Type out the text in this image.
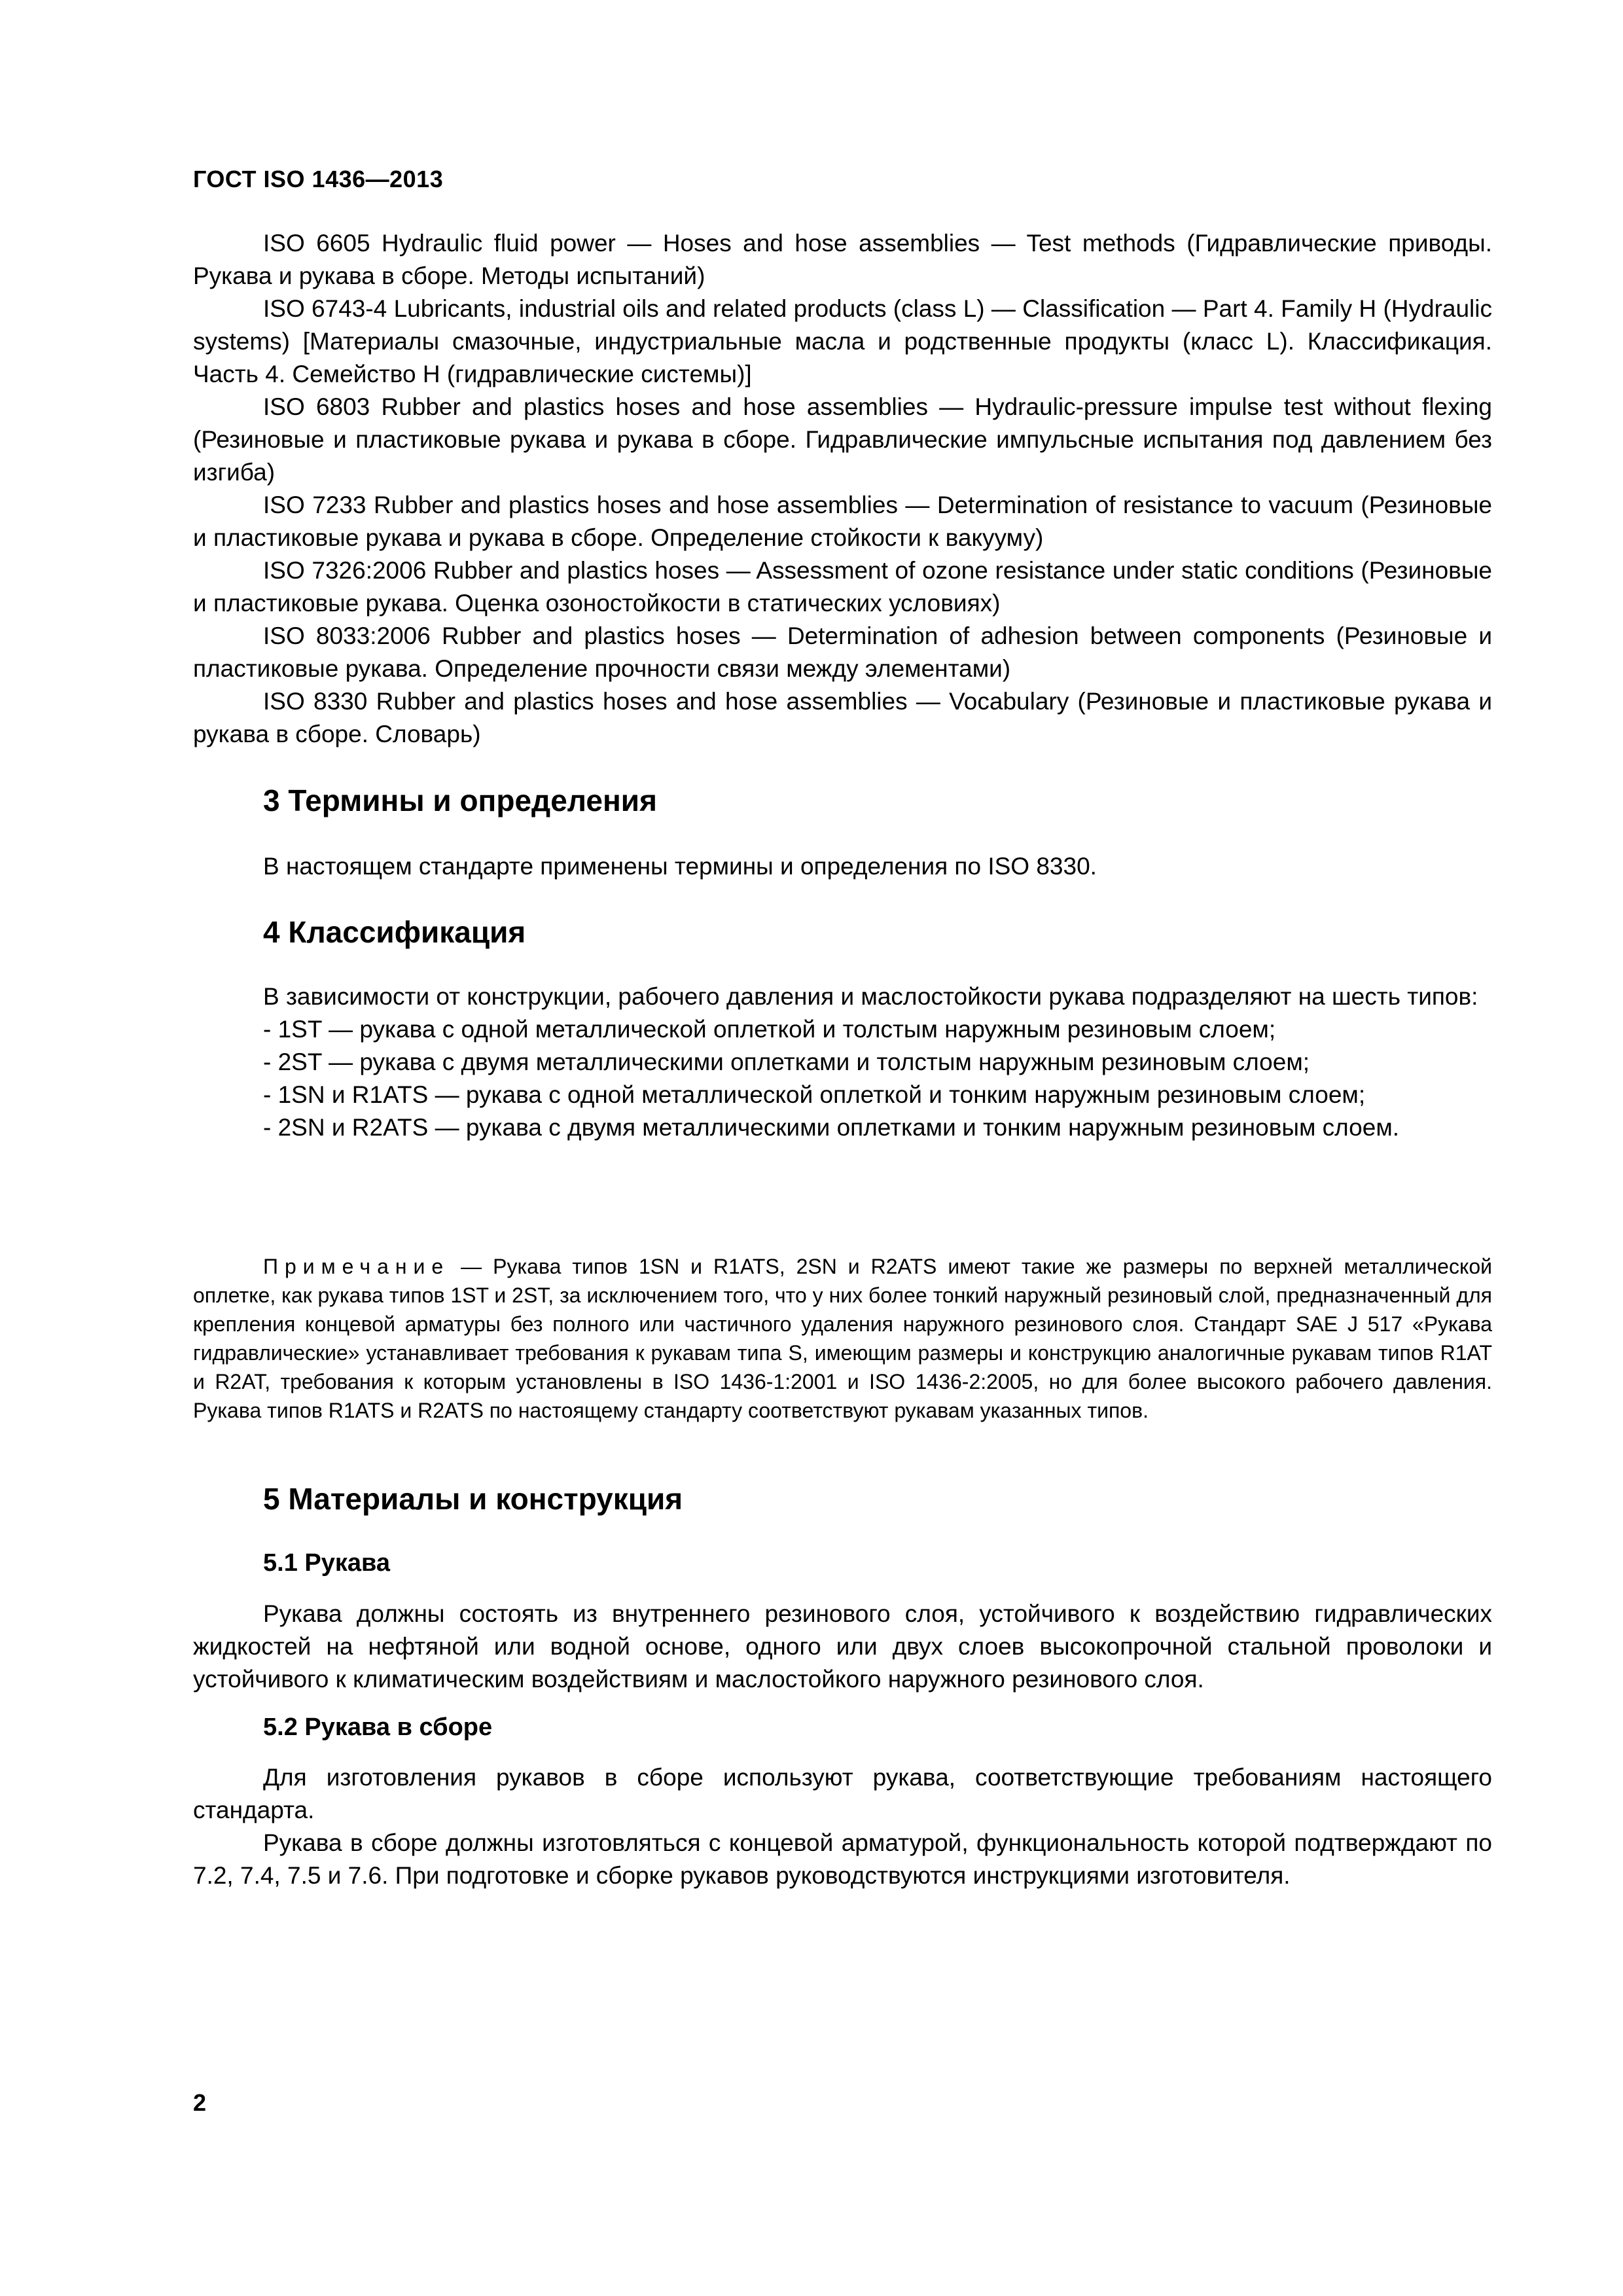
ГОСТ ISO 1436—2013

ISO 6605 Hydraulic fluid power — Hoses and hose assemblies — Test methods (Гидравлические приводы. Рукава и рукава в сборе. Методы испытаний)

ISO 6743-4 Lubricants, industrial oils and related products (class L) — Classification — Part 4. Family H (Hydraulic systems) [Материалы смазочные, индустриальные масла и родственные продукты (класс L). Классификация. Часть 4. Семейство H (гидравлические системы)]

ISO 6803 Rubber and plastics hoses and hose assemblies — Hydraulic-pressure impulse test without flexing (Резиновые и пластиковые рукава и рукава в сборе. Гидравлические импульсные испытания под давлением без изгиба)

ISO 7233 Rubber and plastics hoses and hose assemblies — Determination of resistance to vacuum (Резиновые и пластиковые рукава и рукава в сборе. Определение стойкости к вакууму)

ISO 7326:2006 Rubber and plastics hoses — Assessment of ozone resistance under static conditions (Резиновые и пластиковые рукава. Оценка озоностойкости в статических условиях)

ISO 8033:2006 Rubber and plastics hoses — Determination of adhesion between components (Резиновые и пластиковые рукава. Определение прочности связи между элементами)

ISO 8330 Rubber and plastics hoses and hose assemblies — Vocabulary (Резиновые и пластиковые рукава и рукава в сборе. Словарь)

3 Термины и определения

В настоящем стандарте применены термины и определения по ISO 8330.

4 Классификация

В зависимости от конструкции, рабочего давления и маслостойкости рукава подразделяют на шесть типов:

- 1ST — рукава с одной металлической оплеткой и толстым наружным резиновым слоем;

- 2ST — рукава с двумя металлическими оплетками и толстым наружным резиновым слоем;

- 1SN и R1ATS — рукава с одной металлической оплеткой и тонким наружным резиновым слоем;

- 2SN и R2ATS — рукава с двумя металлическими оплетками и тонким наружным резиновым слоем.

Примечание — Рукава типов 1SN и R1ATS, 2SN и R2ATS имеют такие же размеры по верхней металлической оплетке, как рукава типов 1ST и 2ST, за исключением того, что у них более тонкий наружный резиновый слой, предназначенный для крепления концевой арматуры без полного или частичного удаления наружного резинового слоя. Стандарт SAE J 517 «Рукава гидравлические» устанавливает требования к рукавам типа S, имеющим размеры и конструкцию аналогичные рукавам типов R1AT и R2AT, требования к которым установлены в ISO 1436-1:2001 и ISO 1436-2:2005, но для более высокого рабочего давления. Рукава типов R1ATS и R2ATS по настоящему стандарту соответствуют рукавам указанных типов.

5 Материалы и конструкция
5.1 Рукава

Рукава должны состоять из внутреннего резинового слоя, устойчивого к воздействию гидравлических жидкостей на нефтяной или водной основе, одного или двух слоев высокопрочной стальной проволоки и устойчивого к климатическим воздействиям и маслостойкого наружного резинового слоя.

5.2 Рукава в сборе

Для изготовления рукавов в сборе используют рукава, соответствующие требованиям настоящего стандарта.

Рукава в сборе должны изготовляться с концевой арматурой, функциональность которой подтверждают по 7.2, 7.4, 7.5 и 7.6. При подготовке и сборке рукавов руководствуются инструкциями изготовителя.

2
